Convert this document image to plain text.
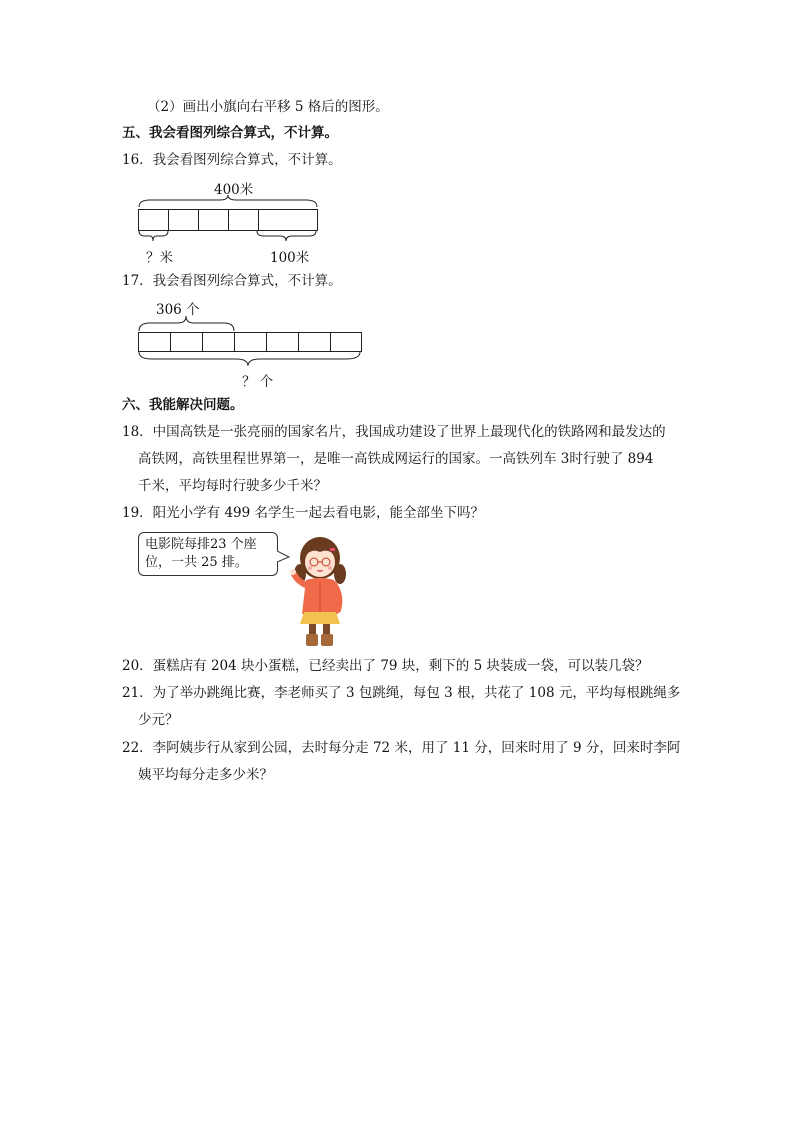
（2）画出小旗向右平移 5 格后的图形。
五、我会看图列综合算式，不计算。
16．我会看图列综合算式，不计算。
400米
？米	100米
17．我会看图列综合算式，不计算。
306 个
？ 个
六、我能解决问题。
18．中国高铁是一张亮丽的国家名片，我国成功建设了世界上最现代化的铁路网和最发达的
高铁网，高铁里程世界第一，是唯一高铁成网运行的国家。一高铁列车 3时行驶了 894
千米，平均每时行驶多少千米？
19．阳光小学有 499 名学生一起去看电影，能全部坐下吗？
电影院每排23 个座
位，一共 25 排。
20．蛋糕店有 204 块小蛋糕，已经卖出了 79 块，剩下的 5 块装成一袋，可以装几袋？
21．为了举办跳绳比赛，李老师买了 3 包跳绳，每包 3 根，共花了 108 元，平均每根跳绳多
少元？
22．李阿姨步行从家到公园，去时每分走 72 米，用了 11 分，回来时用了 9 分，回来时李阿
姨平均每分走多少米？
